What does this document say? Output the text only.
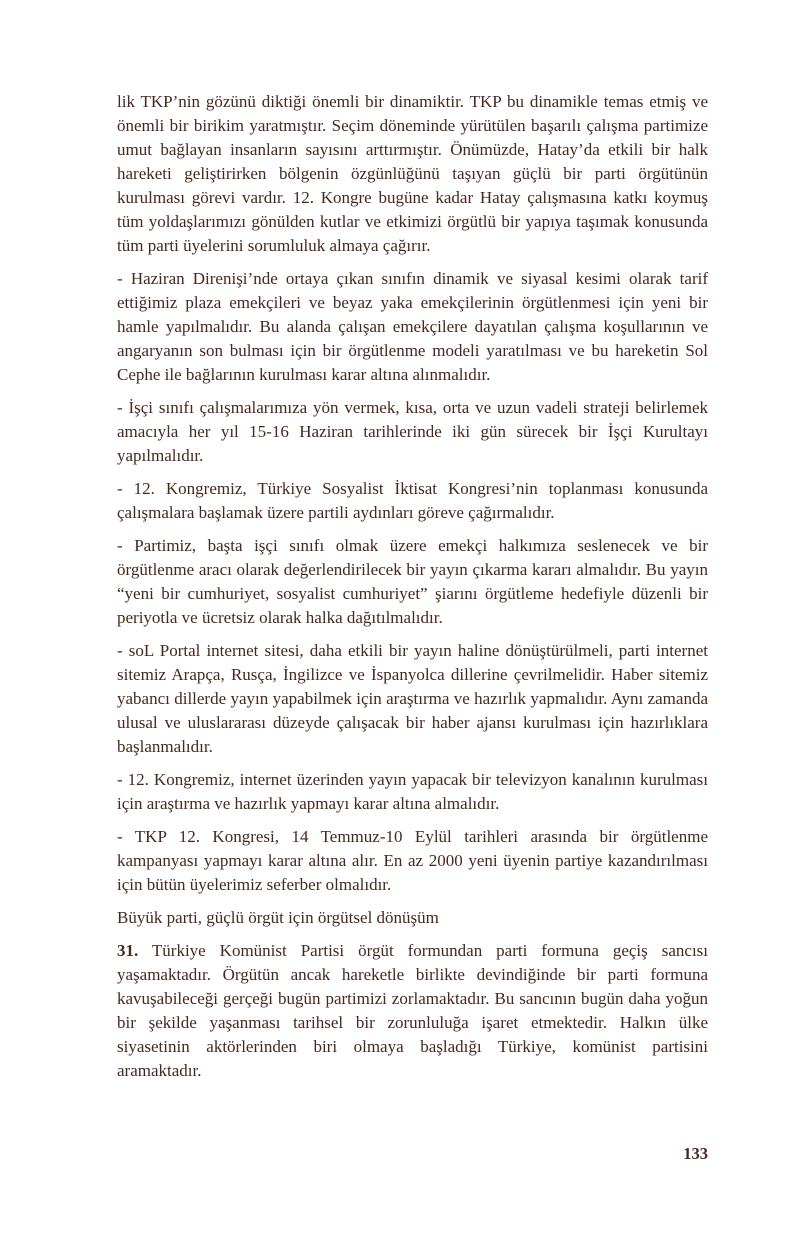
lik TKP’nin gözünü diktiği önemli bir dinamiktir. TKP bu dinamikle temas etmiş ve önemli bir birikim yaratmıştır. Seçim döneminde yürütülen başarılı çalışma partimize umut bağlayan insanların sayısını arttırmıştır. Önümüzde, Hatay’da etkili bir halk hareketi geliştirirken bölgenin özgünlüğünü taşıyan güçlü bir parti örgütünün kurulması görevi vardır. 12. Kongre bugüne kadar Hatay çalışmasına katkı koymuş tüm yoldaşlarımızı gönülden kutlar ve etkimizi örgütlü bir yapıya taşımak konusunda tüm parti üyelerini sorumluluk almaya çağırır.

- Haziran Direnişi’nde ortaya çıkan sınıfın dinamik ve siyasal kesimi olarak tarif ettiğimiz plaza emekçileri ve beyaz yaka emekçilerinin örgütlenmesi için yeni bir hamle yapılmalıdır. Bu alanda çalışan emekçilere dayatılan çalışma koşullarının ve angaryanın son bulması için bir örgütlenme modeli yaratılması ve bu hareketin Sol Cephe ile bağlarının kurulması karar altına alınmalıdır.

- İşçi sınıfı çalışmalarımıza yön vermek, kısa, orta ve uzun vadeli strateji belirlemek amacıyla her yıl 15-16 Haziran tarihlerinde iki gün sürecek bir İşçi Kurultayı yapılmalıdır.

- 12. Kongremiz, Türkiye Sosyalist İktisat Kongresi’nin toplanması konusunda çalışmalara başlamak üzere partili aydınları göreve çağırmalıdır.

- Partimiz, başta işçi sınıfı olmak üzere emekçi halkımıza seslenecek ve bir örgütlenme aracı olarak değerlendirilecek bir yayın çıkarma kararı almalıdır. Bu yayın “yeni bir cumhuriyet, sosyalist cumhuriyet” şiarını örgütleme hedefiyle düzenli bir periyotla ve ücretsiz olarak halka dağıtılmalıdır.

- soL Portal internet sitesi, daha etkili bir yayın haline dönüştürülmeli, parti internet sitemiz Arapça, Rusça, İngilizce ve İspanyolca dillerine çevrilmelidir. Haber sitemiz yabancı dillerde yayın yapabilmek için araştırma ve hazırlık yapmalıdır. Aynı zamanda ulusal ve uluslararası düzeyde çalışacak bir haber ajansı kurulması için hazırlıklara başlanmalıdır.

- 12. Kongremiz, internet üzerinden yayın yapacak bir televizyon kanalının kurulması için araştırma ve hazırlık yapmayı karar altına almalıdır.

- TKP 12. Kongresi, 14 Temmuz-10 Eylül tarihleri arasında bir örgütlenme kampanyası yapmayı karar altına alır. En az 2000 yeni üyenin partiye kazandırılması için bütün üyelerimiz seferber olmalıdır.

Büyük parti, güçlü örgüt için örgütsel dönüşüm

31. Türkiye Komünist Partisi örgüt formundan parti formuna geçiş sancısı yaşamaktadır. Örgütün ancak hareketle birlikte devindiğinde bir parti formuna kavuşabileceği gerçeği bugün partimizi zorlamaktadır. Bu sancının bugün daha yoğun bir şekilde yaşanması tarihsel bir zorunluluğa işaret etmektedir. Halkın ülke siyasetinin aktörlerinden biri olmaya başladığı Türkiye, komünist partisini aramaktadır.

133
